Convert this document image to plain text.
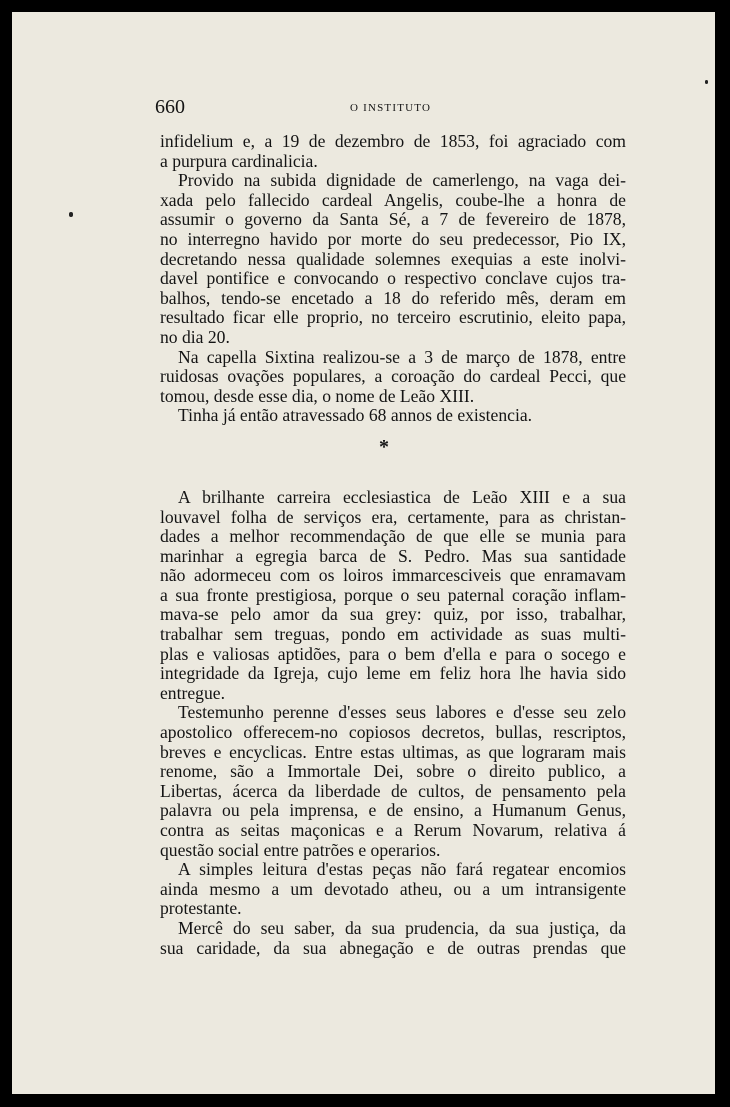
660	O INSTITUTO
infidelium e, a 19 de dezembro de 1853, foi agraciado com
a purpura cardinalicia.
Provido na subida dignidade de camerlengo, na vaga dei-
xada pelo fallecido cardeal Angelis, coube-lhe a honra de
assumir o governo da Santa Sé, a 7 de fevereiro de 1878,
no interregno havido por morte do seu predecessor, Pio IX,
decretando nessa qualidade solemnes exequias a este inolvi-
davel pontifice e convocando o respectivo conclave cujos tra-
balhos, tendo-se encetado a 18 do referido mês, deram em
resultado ficar elle proprio, no terceiro escrutinio, eleito papa,
no dia 20.
Na capella Sixtina realizou-se a 3 de março de 1878, entre
ruidosas ovações populares, a coroação do cardeal Pecci, que
tomou, desde esse dia, o nome de Leão XIII.
Tinha já então atravessado 68 annos de existencia.
*
A brilhante carreira ecclesiastica de Leão XIII e a sua
louvavel folha de serviços era, certamente, para as christan-
dades a melhor recommendação de que elle se munia para
marinhar a egregia barca de S. Pedro. Mas sua santidade
não adormeceu com os loiros immarcesciveis que enramavam
a sua fronte prestigiosa, porque o seu paternal coração inflam-
mava-se pelo amor da sua grey: quiz, por isso, trabalhar,
trabalhar sem treguas, pondo em actividade as suas multi-
plas e valiosas aptidões, para o bem d'ella e para o socego e
integridade da Igreja, cujo leme em feliz hora lhe havia sido
entregue.
Testemunho perenne d'esses seus labores e d'esse seu zelo
apostolico offerecem-no copiosos decretos, bullas, rescriptos,
breves e encyclicas. Entre estas ultimas, as que lograram mais
renome, são a Immortale Dei, sobre o direito publico, a
Libertas, ácerca da liberdade de cultos, de pensamento pela
palavra ou pela imprensa, e de ensino, a Humanum Genus,
contra as seitas maçonicas e a Rerum Novarum, relativa á
questão social entre patrões e operarios.
A simples leitura d'estas peças não fará regatear encomios
ainda mesmo a um devotado atheu, ou a um intransigente
protestante.
Mercê do seu saber, da sua prudencia, da sua justiça, da
sua caridade, da sua abnegação e de outras prendas que
